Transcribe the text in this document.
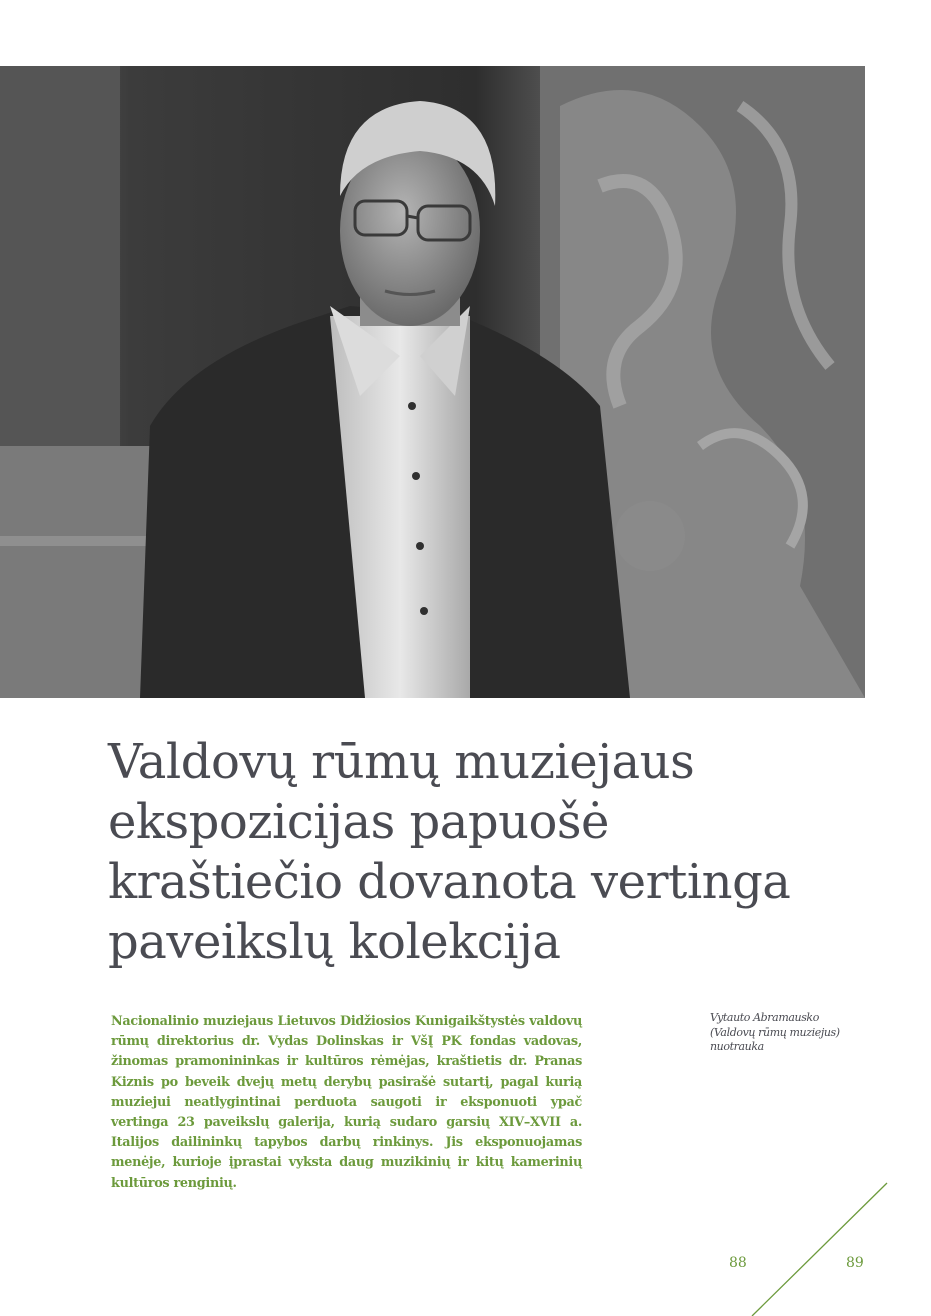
Valdovų rūmų muziejaus
ekspozicijas papuošė
kraštiečio dovanota vertinga
paveikslų kolekcija

Nacionalinio muziejaus Lietuvos Didžiosios Kunigaikštystės valdovų rūmų direktorius dr. Vydas Dolinskas ir VšĮ PK fondas vadovas, žinomas pramonininkas ir kultūros rėmėjas, kraštietis dr. Pranas Kiznis po beveik dvejų metų derybų pasirašė sutartį, pagal kurią muziejui neatlygintinai perduota saugoti ir eksponuoti ypač vertinga 23 paveikslų galerija, kurią sudaro garsių XIV–XVII a. Italijos dailininkų tapybos darbų rinkinys. Jis eksponuojamas menėje, kurioje įprastai vyksta daug muzikinių ir kitų kamerinių kultūros renginių.

Vytauto Abramausko
(Valdovų rūmų muziejus)
nuotrauka

88	89
